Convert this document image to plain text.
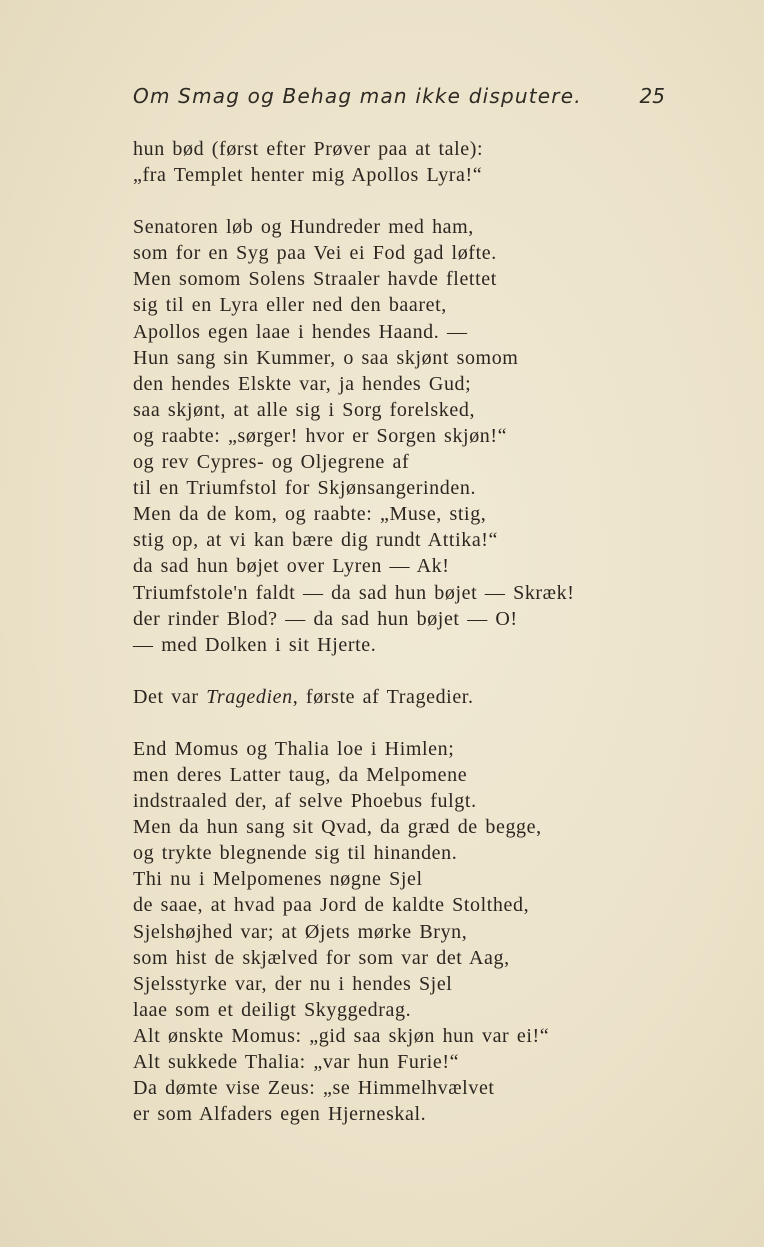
Om Smag og Behag man ikke disputere.	25
hun bød (først efter Prøver paa at tale):
„fra Templet henter mig Apollos Lyra!“
Senatoren løb og Hundreder med ham,
som for en Syg paa Vei ei Fod gad løfte.
Men somom Solens Straaler havde flettet
sig til en Lyra eller ned den baaret,
Apollos egen laae i hendes Haand. —
Hun sang sin Kummer, o saa skjønt somom
den hendes Elskte var, ja hendes Gud;
saa skjønt, at alle sig i Sorg forelsked,
og raabte: „sørger! hvor er Sorgen skjøn!“
og rev Cypres- og Oljegrene af
til en Triumfstol for Skjønsangerinden.
Men da de kom, og raabte: „Muse, stig,
stig op, at vi kan bære dig rundt Attika!“
da sad hun bøjet over Lyren — Ak!
Triumfstole'n faldt — da sad hun bøjet — Skræk!
der rinder Blod? — da sad hun bøjet — O!
— med Dolken i sit Hjerte.
Det var Tragedien, første af Tragedier.
End Momus og Thalia loe i Himlen;
men deres Latter taug, da Melpomene
indstraaled der, af selve Phoebus fulgt.
Men da hun sang sit Qvad, da græd de begge,
og trykte blegnende sig til hinanden.
Thi nu i Melpomenes nøgne Sjel
de saae, at hvad paa Jord de kaldte Stolthed,
Sjelshøjhed var; at Øjets mørke Bryn,
som hist de skjælved for som var det Aag,
Sjelsstyrke var, der nu i hendes Sjel
laae som et deiligt Skyggedrag.
Alt ønskte Momus: „gid saa skjøn hun var ei!“
Alt sukkede Thalia: „var hun Furie!“
Da dømte vise Zeus: „se Himmelhvælvet
er som Alfaders egen Hjerneskal.
